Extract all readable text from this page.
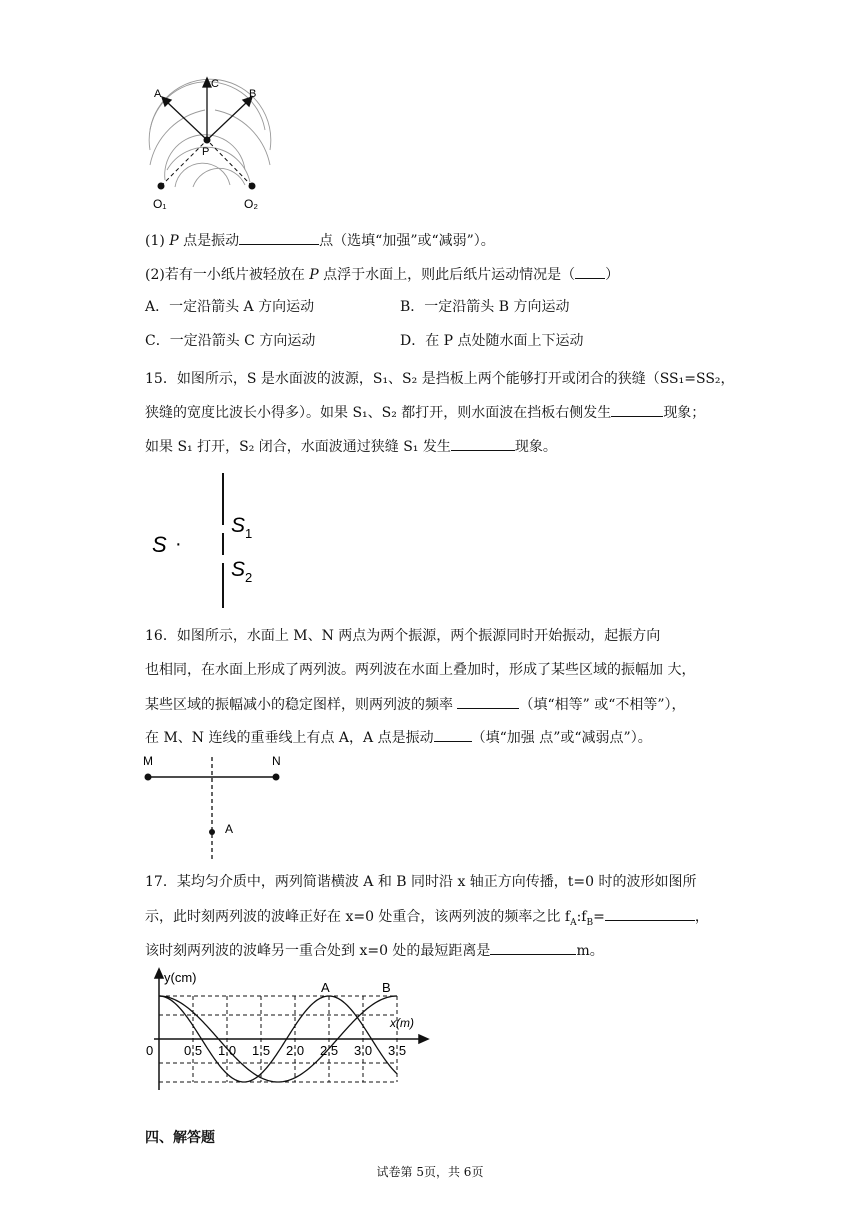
C
A	B
P
O₁	O₂
(1) P 点是振动	点（选填“加强”或“减弱”）。
(2)若有一小纸片被轻放在 P 点浮于水面上，则此后纸片运动情况是（ ）
A．一定沿箭头 A 方向运动	B．一定沿箭头 B 方向运动
C．一定沿箭头 C 方向运动	D．在 P 点处随水面上下运动
15．如图所示，S 是水面波的波源，S₁、S₂ 是挡板上两个能够打开或闭合的狭缝（SS₁=SS₂，
狭缝的宽度比波长小得多）。如果 S₁、S₂ 都打开，则水面波在挡板右侧发生	现象；
如果 S₁ 打开，S₂ 闭合，水面波通过狭缝 S₁ 发生	现象。
S ·
$S_1$
$S_2$
16．如图所示，水面上 M、N 两点为两个振源，两个振源同时开始振动，起振方向
也相同，在水面上形成了两列波。两列波在水面上叠加时，形成了某些区域的振幅加 大，
某些区域的振幅减小的稳定图样，则两列波的频率	（填“相等” 或“不相等”），
在 M、N 连线的重垂线上有点 A，A 点是振动	（填“加强 点”或“减弱点”）。
M	N
A
17．某均匀介质中，两列简谐横波 A 和 B 同时沿 x 轴正方向传播，t=0 时的波形如图所
示，此时刻两列波的波峰正好在 x=0 处重合，该两列波的频率之比 $f_A:f_B=$	，
该时刻两列波的波峰另一重合处到 x=0 处的最短距离是	m。
y(cm)
x(m)
0
A	B
0.5 1.0 1.5 2.0 2.5 3.0 3.5
四、解答题
试卷第 5页，共 6页
